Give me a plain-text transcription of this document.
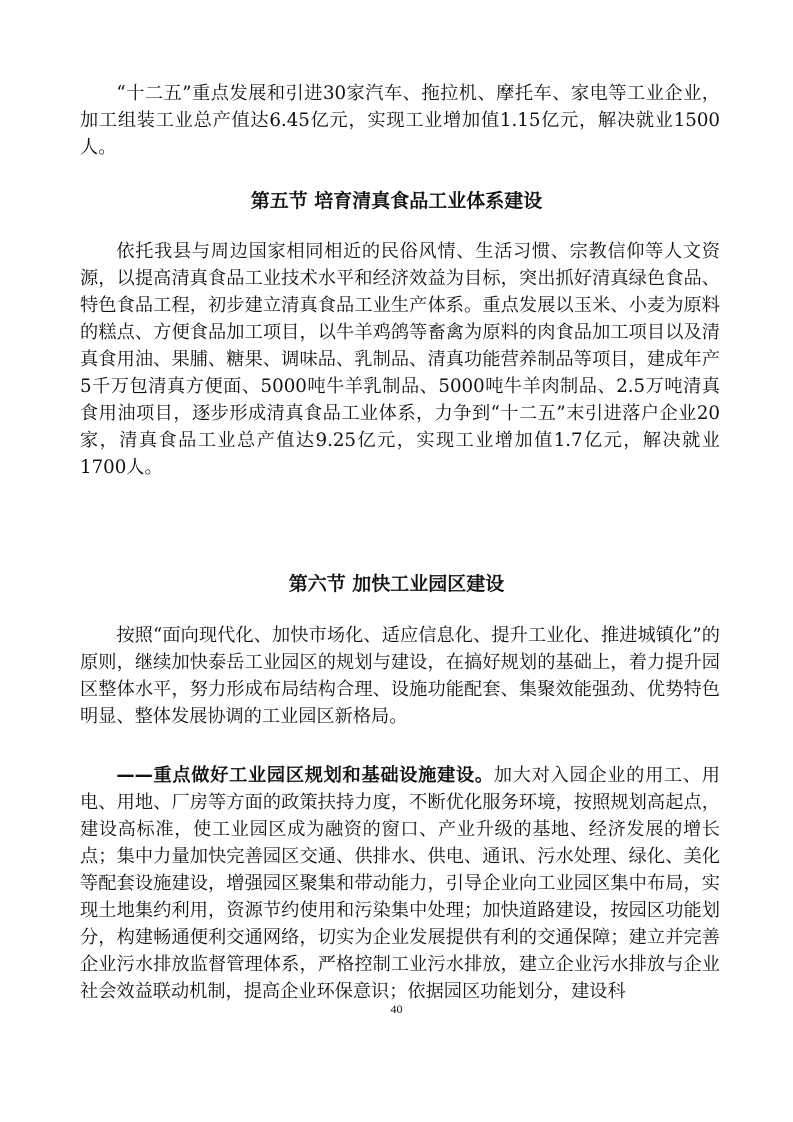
“十二五”重点发展和引进30家汽车、拖拉机、摩托车、家电等工业企业，加工组装工业总产值达6.45亿元，实现工业增加值1.15亿元，解决就业1500人。

第五节 培育清真食品工业体系建设

依托我县与周边国家相同相近的民俗风情、生活习惯、宗教信仰等人文资源，以提高清真食品工业技术水平和经济效益为目标，突出抓好清真绿色食品、特色食品工程，初步建立清真食品工业生产体系。重点发展以玉米、小麦为原料的糕点、方便食品加工项目，以牛羊鸡鸽等畜禽为原料的肉食品加工项目以及清真食用油、果脯、糖果、调味品、乳制品、清真功能营养制品等项目，建成年产5千万包清真方便面、5000吨牛羊乳制品、5000吨牛羊肉制品、2.5万吨清真食用油项目，逐步形成清真食品工业体系，力争到“十二五”末引进落户企业20家，清真食品工业总产值达9.25亿元，实现工业增加值1.7亿元，解决就业1700人。

第六节 加快工业园区建设

按照“面向现代化、加快市场化、适应信息化、提升工业化、推进城镇化”的原则，继续加快泰岳工业园区的规划与建设，在搞好规划的基础上，着力提升园区整体水平，努力形成布局结构合理、设施功能配套、集聚效能强劲、优势特色明显、整体发展协调的工业园区新格局。

——重点做好工业园区规划和基础设施建设。加大对入园企业的用工、用电、用地、厂房等方面的政策扶持力度，不断优化服务环境，按照规划高起点，建设高标准，使工业园区成为融资的窗口、产业升级的基地、经济发展的增长点；集中力量加快完善园区交通、供排水、供电、通讯、污水处理、绿化、美化等配套设施建设，增强园区聚集和带动能力，引导企业向工业园区集中布局，实现土地集约利用，资源节约使用和污染集中处理；加快道路建设，按园区功能划分，构建畅通便利交通网络，切实为企业发展提供有利的交通保障；建立并完善企业污水排放监督管理体系，严格控制工业污水排放，建立企业污水排放与企业社会效益联动机制，提高企业环保意识；依据园区功能划分，建设科

40
